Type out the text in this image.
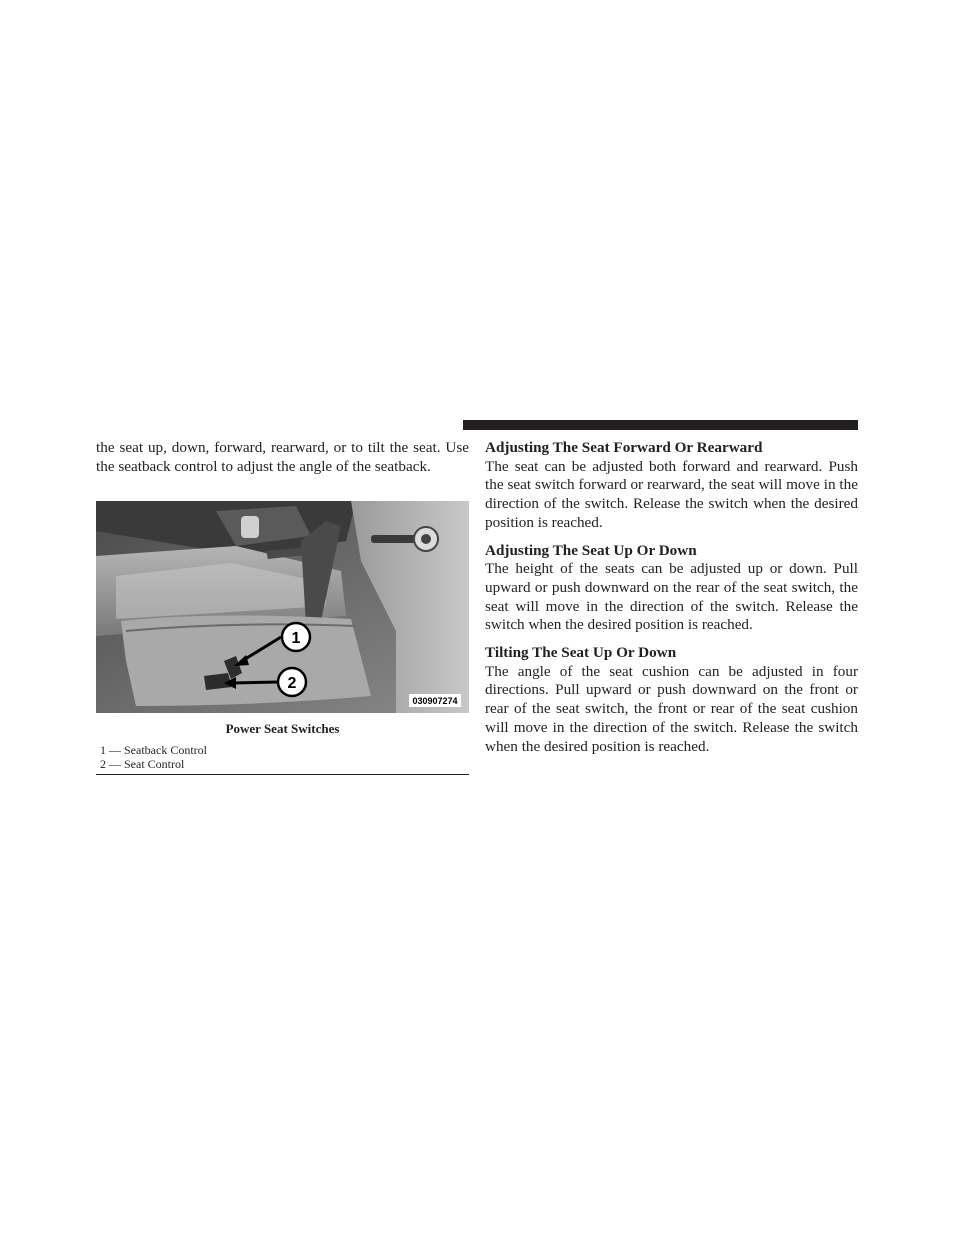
the seat up, down, forward, rearward, or to tilt the seat. Use the seatback control to adjust the angle of the seatback.

1
2
030907274
Power Seat Switches
1 — Seatback Control
2 — Seat Control

Adjusting The Seat Forward Or Rearward

The seat can be adjusted both forward and rearward. Push the seat switch forward or rearward, the seat will move in the direction of the switch. Release the switch when the desired position is reached.

Adjusting The Seat Up Or Down

The height of the seats can be adjusted up or down. Pull upward or push downward on the rear of the seat switch, the seat will move in the direction of the switch. Release the switch when the desired position is reached.

Tilting The Seat Up Or Down

The angle of the seat cushion can be adjusted in four directions. Pull upward or push downward on the front or rear of the seat switch, the front or rear of the seat cushion will move in the direction of the switch. Release the switch when the desired position is reached.
